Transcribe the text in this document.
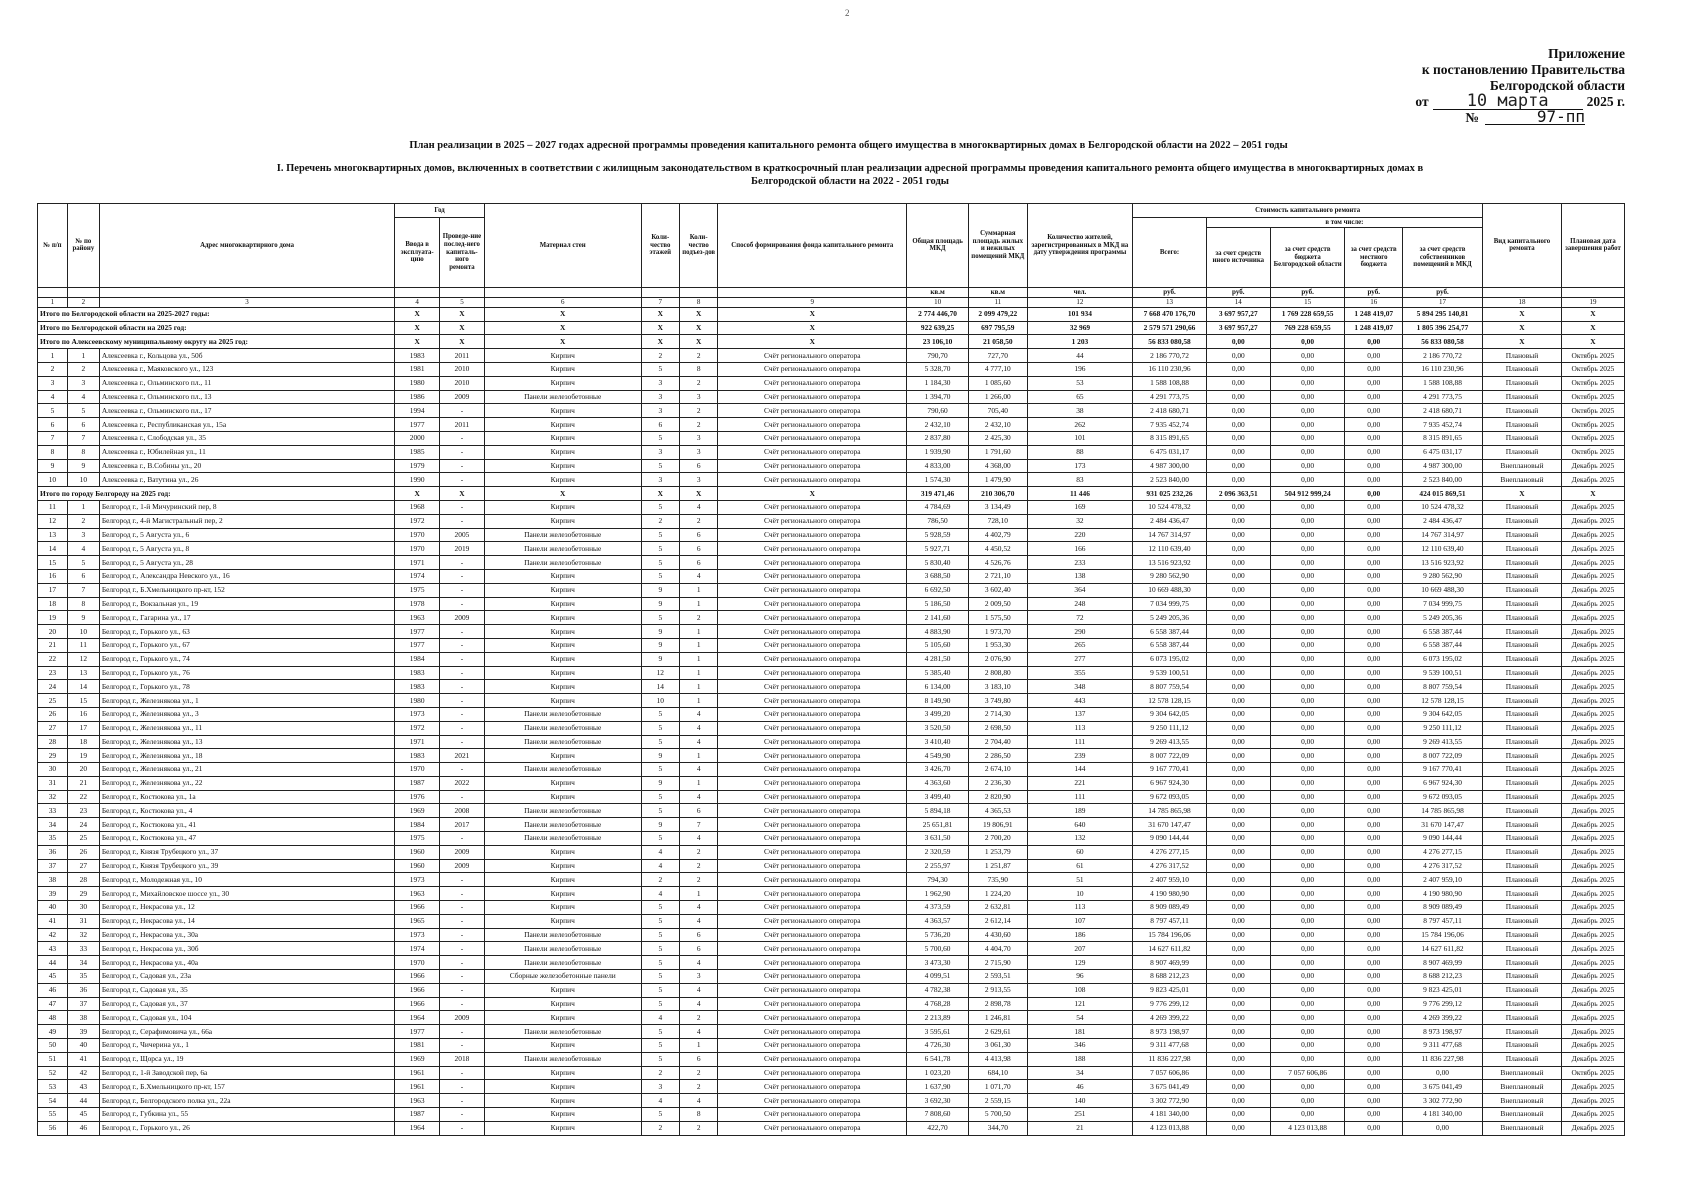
2
Приложение
к постановлению Правительства
Белгородской области
от	10 марта	2025 г.
№	97-пп
План реализации в 2025 – 2027 годах адресной программы проведения капитального ремонта общего имущества в многоквартирных домах в Белгородской области на 2022 – 2051 годы
I. Перечень многоквартирных домов, включенных в соответствии с жилищным законодательством в краткосрочный план реализации адресной программы проведения капитального ремонта общего имущества в многоквартирных домах в Белгородской области на 2022 - 2051 годы
№ п/п	№ по району	Адрес многоквартирного дома	Год		Материал стен	Коли-чество этажей	Коли-чество подъез-дов	Способ формирования фонда капитального ремонта	Общая площадь МКД	Суммарная площадь жилых и нежилых помещений МКД	Количество жителей, зарегистрированных в МКД на дату утверждения программы	Стоимость капитального ремонта					Вид капитального ремонта	Плановая дата завершения работ
			Ввода в эксплуата-цию	Проведе-ние послед-него капиталь-ного ремонта								Всего:	в том числе:					
													за счет средств иного источника	за счет средств бюджета Белгородской области	за счет средств местного бюджета	за счет средств собственников помещений в МКД		
									кв.м	кв.м	чел.	руб.	руб.	руб.	руб.	руб.		
1	2	3	4	5	6	7	8	9	10	11	12	13	14	15	16	17	18	19
Итого по Белгородской области на 2025-2027 годы:			X	X	X	X	X	X	2 774 446,70	2 099 479,22	101 934	7 668 470 176,70	3 697 957,27	1 769 228 659,55	1 248 419,07	5 894 295 140,81	X	X
Итого по Белгородской области на 2025 год:			X	X	X	X	X	X	922 639,25	697 795,59	32 969	2 579 571 290,66	3 697 957,27	769 228 659,55	1 248 419,07	1 805 396 254,77	X	X
Итого по Алексеевскому муниципальному округу на 2025 год:			X	X	X	X	X	X	23 106,10	21 058,50	1 203	56 833 080,58	0,00	0,00	0,00	56 833 080,58	X	X
1	1	Алексеевка г., Кольцова ул., 50б	1983	2011	Кирпич	2	2	Счёт регионального оператора	790,70	727,70	44	2 186 770,72	0,00	0,00	0,00	2 186 770,72	Плановый	Октябрь 2025
2	2	Алексеевка г., Маяковского ул., 123	1981	2010	Кирпич	5	8	Счёт регионального оператора	5 328,70	4 777,10	196	16 110 230,96	0,00	0,00	0,00	16 110 230,96	Плановый	Октябрь 2025
3	3	Алексеевка г., Ольминского пл., 11	1980	2010	Кирпич	3	2	Счёт регионального оператора	1 184,30	1 085,60	53	1 588 108,88	0,00	0,00	0,00	1 588 108,88	Плановый	Октябрь 2025
4	4	Алексеевка г., Ольминского пл., 13	1986	2009	Панели железобетонные	3	3	Счёт регионального оператора	1 394,70	1 266,00	65	4 291 773,75	0,00	0,00	0,00	4 291 773,75	Плановый	Октябрь 2025
5	5	Алексеевка г., Ольминского пл., 17	1994	-	Кирпич	3	2	Счёт регионального оператора	790,60	705,40	38	2 418 680,71	0,00	0,00	0,00	2 418 680,71	Плановый	Октябрь 2025
6	6	Алексеевка г., Республиканская ул., 15а	1977	2011	Кирпич	6	2	Счёт регионального оператора	2 432,10	2 432,10	262	7 935 452,74	0,00	0,00	0,00	7 935 452,74	Плановый	Октябрь 2025
7	7	Алексеевка г., Слободская ул., 35	2000	-	Кирпич	5	3	Счёт регионального оператора	2 837,80	2 425,30	101	8 315 891,65	0,00	0,00	0,00	8 315 891,65	Плановый	Октябрь 2025
8	8	Алексеевка г., Юбилейная ул., 11	1985	-	Кирпич	3	3	Счёт регионального оператора	1 939,90	1 791,60	88	6 475 031,17	0,00	0,00	0,00	6 475 031,17	Плановый	Октябрь 2025
9	9	Алексеевка г., В.Собины ул., 20	1979	-	Кирпич	5	6	Счёт регионального оператора	4 833,00	4 368,00	173	4 987 300,00	0,00	0,00	0,00	4 987 300,00	Внеплановый	Декабрь 2025
10	10	Алексеевка г., Ватутина ул., 26	1990	-	Кирпич	3	3	Счёт регионального оператора	1 574,30	1 479,90	83	2 523 840,00	0,00	0,00	0,00	2 523 840,00	Внеплановый	Декабрь 2025
Итого по городу Белгороду на 2025 год:			X	X	X	X	X	X	319 471,46	210 306,70	11 446	931 025 232,26	2 096 363,51	504 912 999,24	0,00	424 015 869,51	X	X
11	1	Белгород г., 1-й Мичуринский пер, 8	1968	-	Кирпич	5	4	Счёт регионального оператора	4 784,69	3 134,49	169	10 524 478,32	0,00	0,00	0,00	10 524 478,32	Плановый	Декабрь 2025
12	2	Белгород г., 4-й Магистральный пер, 2	1972	-	Кирпич	2	2	Счёт регионального оператора	786,50	728,10	32	2 484 436,47	0,00	0,00	0,00	2 484 436,47	Плановый	Декабрь 2025
13	3	Белгород г., 5 Августа ул., 6	1970	2005	Панели железобетонные	5	6	Счёт регионального оператора	5 928,59	4 402,79	220	14 767 314,97	0,00	0,00	0,00	14 767 314,97	Плановый	Декабрь 2025
14	4	Белгород г., 5 Августа ул., 8	1970	2019	Панели железобетонные	5	6	Счёт регионального оператора	5 927,71	4 450,52	166	12 110 639,40	0,00	0,00	0,00	12 110 639,40	Плановый	Декабрь 2025
15	5	Белгород г., 5 Августа ул., 28	1971	-	Панели железобетонные	5	6	Счёт регионального оператора	5 830,40	4 526,76	233	13 516 923,92	0,00	0,00	0,00	13 516 923,92	Плановый	Декабрь 2025
16	6	Белгород г., Александра Невского ул., 16	1974	-	Кирпич	5	4	Счёт регионального оператора	3 688,50	2 721,10	138	9 280 562,90	0,00	0,00	0,00	9 280 562,90	Плановый	Декабрь 2025
17	7	Белгород г., Б.Хмельницкого пр-кт, 152	1975	-	Кирпич	9	1	Счёт регионального оператора	6 692,50	3 602,40	364	10 669 488,30	0,00	0,00	0,00	10 669 488,30	Плановый	Декабрь 2025
18	8	Белгород г., Вокзальная ул., 19	1978	-	Кирпич	9	1	Счёт регионального оператора	5 186,50	2 009,50	248	7 034 999,75	0,00	0,00	0,00	7 034 999,75	Плановый	Декабрь 2025
19	9	Белгород г., Гагарина ул., 17	1963	2009	Кирпич	5	2	Счёт регионального оператора	2 141,60	1 575,50	72	5 249 205,36	0,00	0,00	0,00	5 249 205,36	Плановый	Декабрь 2025
20	10	Белгород г., Горького ул., 63	1977	-	Кирпич	9	1	Счёт регионального оператора	4 883,90	1 973,70	290	6 558 387,44	0,00	0,00	0,00	6 558 387,44	Плановый	Декабрь 2025
21	11	Белгород г., Горького ул., 67	1977	-	Кирпич	9	1	Счёт регионального оператора	5 105,60	1 953,30	265	6 558 387,44	0,00	0,00	0,00	6 558 387,44	Плановый	Декабрь 2025
22	12	Белгород г., Горького ул., 74	1984	-	Кирпич	9	1	Счёт регионального оператора	4 281,50	2 076,90	277	6 073 195,02	0,00	0,00	0,00	6 073 195,02	Плановый	Декабрь 2025
23	13	Белгород г., Горького ул., 76	1983	-	Кирпич	12	1	Счёт регионального оператора	5 385,40	2 808,80	355	9 539 100,51	0,00	0,00	0,00	9 539 100,51	Плановый	Декабрь 2025
24	14	Белгород г., Горького ул., 78	1983	-	Кирпич	14	1	Счёт регионального оператора	6 134,00	3 183,10	348	8 807 759,54	0,00	0,00	0,00	8 807 759,54	Плановый	Декабрь 2025
25	15	Белгород г., Железнякова ул., 1	1980	-	Кирпич	10	1	Счёт регионального оператора	8 149,90	3 749,80	443	12 578 128,15	0,00	0,00	0,00	12 578 128,15	Плановый	Декабрь 2025
26	16	Белгород г., Железнякова ул., 3	1973	-	Панели железобетонные	5	4	Счёт регионального оператора	3 499,20	2 714,30	137	9 304 642,05	0,00	0,00	0,00	9 304 642,05	Плановый	Декабрь 2025
27	17	Белгород г., Железнякова ул., 11	1972	-	Панели железобетонные	5	4	Счёт регионального оператора	3 520,50	2 698,50	113	9 250 111,12	0,00	0,00	0,00	9 250 111,12	Плановый	Декабрь 2025
28	18	Белгород г., Железнякова ул., 13	1971	-	Панели железобетонные	5	4	Счёт регионального оператора	3 410,40	2 704,40	111	9 269 413,55	0,00	0,00	0,00	9 269 413,55	Плановый	Декабрь 2025
29	19	Белгород г., Железнякова ул., 18	1983	2021	Кирпич	9	1	Счёт регионального оператора	4 549,90	2 286,50	239	8 007 722,09	0,00	0,00	0,00	8 007 722,09	Плановый	Декабрь 2025
30	20	Белгород г., Железнякова ул., 21	1970	-	Панели железобетонные	5	4	Счёт регионального оператора	3 426,70	2 674,10	144	9 167 770,41	0,00	0,00	0,00	9 167 770,41	Плановый	Декабрь 2025
31	21	Белгород г., Железнякова ул., 22	1987	2022	Кирпич	9	1	Счёт регионального оператора	4 363,60	2 236,30	221	6 967 924,30	0,00	0,00	0,00	6 967 924,30	Плановый	Декабрь 2025
32	22	Белгород г., Костюкова ул., 1а	1976	-	Кирпич	5	4	Счёт регионального оператора	3 499,40	2 820,90	111	9 672 093,05	0,00	0,00	0,00	9 672 093,05	Плановый	Декабрь 2025
33	23	Белгород г., Костюкова ул., 4	1969	2008	Панели железобетонные	5	6	Счёт регионального оператора	5 894,18	4 365,53	189	14 785 865,98	0,00	0,00	0,00	14 785 865,98	Плановый	Декабрь 2025
34	24	Белгород г., Костюкова ул., 41	1984	2017	Панели железобетонные	9	7	Счёт регионального оператора	25 651,81	19 806,91	640	31 670 147,47	0,00	0,00	0,00	31 670 147,47	Плановый	Декабрь 2025
35	25	Белгород г., Костюкова ул., 47	1975	-	Панели железобетонные	5	4	Счёт регионального оператора	3 631,50	2 700,20	132	9 090 144,44	0,00	0,00	0,00	9 090 144,44	Плановый	Декабрь 2025
36	26	Белгород г., Князя Трубецкого ул., 37	1960	2009	Кирпич	4	2	Счёт регионального оператора	2 320,59	1 253,79	60	4 276 277,15	0,00	0,00	0,00	4 276 277,15	Плановый	Декабрь 2025
37	27	Белгород г., Князя Трубецкого ул., 39	1960	2009	Кирпич	4	2	Счёт регионального оператора	2 255,97	1 251,87	61	4 276 317,52	0,00	0,00	0,00	4 276 317,52	Плановый	Декабрь 2025
38	28	Белгород г., Молодежная ул., 10	1973	-	Кирпич	2	2	Счёт регионального оператора	794,30	735,90	51	2 407 959,10	0,00	0,00	0,00	2 407 959,10	Плановый	Декабрь 2025
39	29	Белгород г., Михайловское шоссе ул., 30	1963	-	Кирпич	4	1	Счёт регионального оператора	1 962,90	1 224,20	10	4 190 980,90	0,00	0,00	0,00	4 190 980,90	Плановый	Декабрь 2025
40	30	Белгород г., Некрасова ул., 12	1966	-	Кирпич	5	4	Счёт регионального оператора	4 373,59	2 632,81	113	8 909 089,49	0,00	0,00	0,00	8 909 089,49	Плановый	Декабрь 2025
41	31	Белгород г., Некрасова ул., 14	1965	-	Кирпич	5	4	Счёт регионального оператора	4 363,57	2 612,14	107	8 797 457,11	0,00	0,00	0,00	8 797 457,11	Плановый	Декабрь 2025
42	32	Белгород г., Некрасова ул., 30а	1973	-	Панели железобетонные	5	6	Счёт регионального оператора	5 736,20	4 430,60	186	15 784 196,06	0,00	0,00	0,00	15 784 196,06	Плановый	Декабрь 2025
43	33	Белгород г., Некрасова ул., 30б	1974	-	Панели железобетонные	5	6	Счёт регионального оператора	5 700,60	4 404,70	207	14 627 611,82	0,00	0,00	0,00	14 627 611,82	Плановый	Декабрь 2025
44	34	Белгород г., Некрасова ул., 40а	1970	-	Панели железобетонные	5	4	Счёт регионального оператора	3 473,30	2 715,90	129	8 907 469,99	0,00	0,00	0,00	8 907 469,99	Плановый	Декабрь 2025
45	35	Белгород г., Садовая ул., 23а	1966	-	Сборные железобетонные панели	5	3	Счёт регионального оператора	4 099,51	2 593,51	96	8 688 212,23	0,00	0,00	0,00	8 688 212,23	Плановый	Декабрь 2025
46	36	Белгород г., Садовая ул., 35	1966	-	Кирпич	5	4	Счёт регионального оператора	4 782,38	2 913,55	108	9 823 425,01	0,00	0,00	0,00	9 823 425,01	Плановый	Декабрь 2025
47	37	Белгород г., Садовая ул., 37	1966	-	Кирпич	5	4	Счёт регионального оператора	4 768,28	2 898,78	121	9 776 299,12	0,00	0,00	0,00	9 776 299,12	Плановый	Декабрь 2025
48	38	Белгород г., Садовая ул., 104	1964	2009	Кирпич	4	2	Счёт регионального оператора	2 213,89	1 246,81	54	4 269 399,22	0,00	0,00	0,00	4 269 399,22	Плановый	Декабрь 2025
49	39	Белгород г., Серафимовича ул., 66а	1977	-	Панели железобетонные	5	4	Счёт регионального оператора	3 595,61	2 629,61	181	8 973 198,97	0,00	0,00	0,00	8 973 198,97	Плановый	Декабрь 2025
50	40	Белгород г., Чичерина ул., 1	1981	-	Кирпич	5	1	Счёт регионального оператора	4 726,30	3 061,30	346	9 311 477,68	0,00	0,00	0,00	9 311 477,68	Плановый	Декабрь 2025
51	41	Белгород г., Щорса ул., 19	1969	2018	Панели железобетонные	5	6	Счёт регионального оператора	6 541,78	4 413,98	188	11 836 227,98	0,00	0,00	0,00	11 836 227,98	Плановый	Декабрь 2025
52	42	Белгород г., 1-й Заводской пер, 6а	1961	-	Кирпич	2	2	Счёт регионального оператора	1 023,20	684,10	34	7 057 606,86	0,00	7 057 606,86	0,00	0,00	Внеплановый	Октябрь 2025
53	43	Белгород г., Б.Хмельницкого пр-кт, 157	1961	-	Кирпич	3	2	Счёт регионального оператора	1 637,90	1 071,70	46	3 675 041,49	0,00	0,00	0,00	3 675 041,49	Внеплановый	Декабрь 2025
54	44	Белгород г., Белгородского полка ул., 22а	1963	-	Кирпич	4	4	Счёт регионального оператора	3 692,30	2 559,15	140	3 302 772,90	0,00	0,00	0,00	3 302 772,90	Внеплановый	Декабрь 2025
55	45	Белгород г., Губкина ул., 55	1987	-	Кирпич	5	8	Счёт регионального оператора	7 808,60	5 700,50	251	4 181 340,00	0,00	0,00	0,00	4 181 340,00	Внеплановый	Декабрь 2025
56	46	Белгород г., Горького ул., 26	1964	-	Кирпич	2	2	Счёт регионального оператора	422,70	344,70	21	4 123 013,88	0,00	4 123 013,88	0,00	0,00	Внеплановый	Декабрь 2025
